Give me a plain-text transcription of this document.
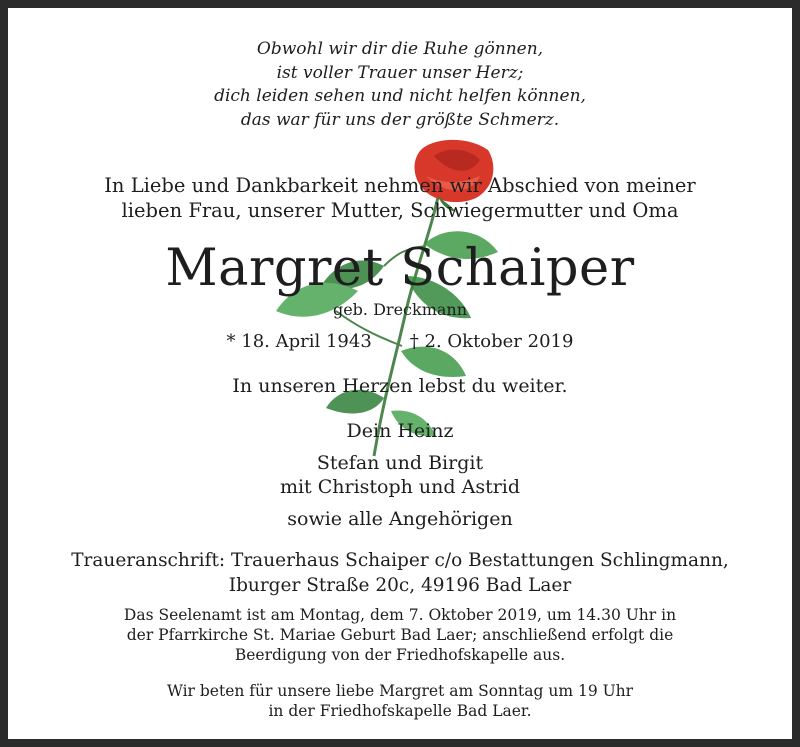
Obwohl wir dir die Ruhe gönnen,
ist voller Trauer unser Herz;
dich leiden sehen und nicht helfen können,
das war für uns der größte Schmerz.
In Liebe und Dankbarkeit nehmen wir Abschied von meiner
lieben Frau, unserer Mutter, Schwiegermutter und Oma
Margret Schaiper
geb. Dreckmann
* 18. April 1943 † 2. Oktober 2019
In unseren Herzen lebst du weiter.
Dein Heinz
Stefan und Birgit
mit Christoph und Astrid
sowie alle Angehörigen
Traueranschrift: Trauerhaus Schaiper c/o Bestattungen Schlingmann,
Iburger Straße 20c, 49196 Bad Laer
Das Seelenamt ist am Montag, dem 7. Oktober 2019, um 14.30 Uhr in
der Pfarrkirche St. Mariae Geburt Bad Laer; anschließend erfolgt die
Beerdigung von der Friedhofskapelle aus.
Wir beten für unsere liebe Margret am Sonntag um 19 Uhr
in der Friedhofskapelle Bad Laer.
